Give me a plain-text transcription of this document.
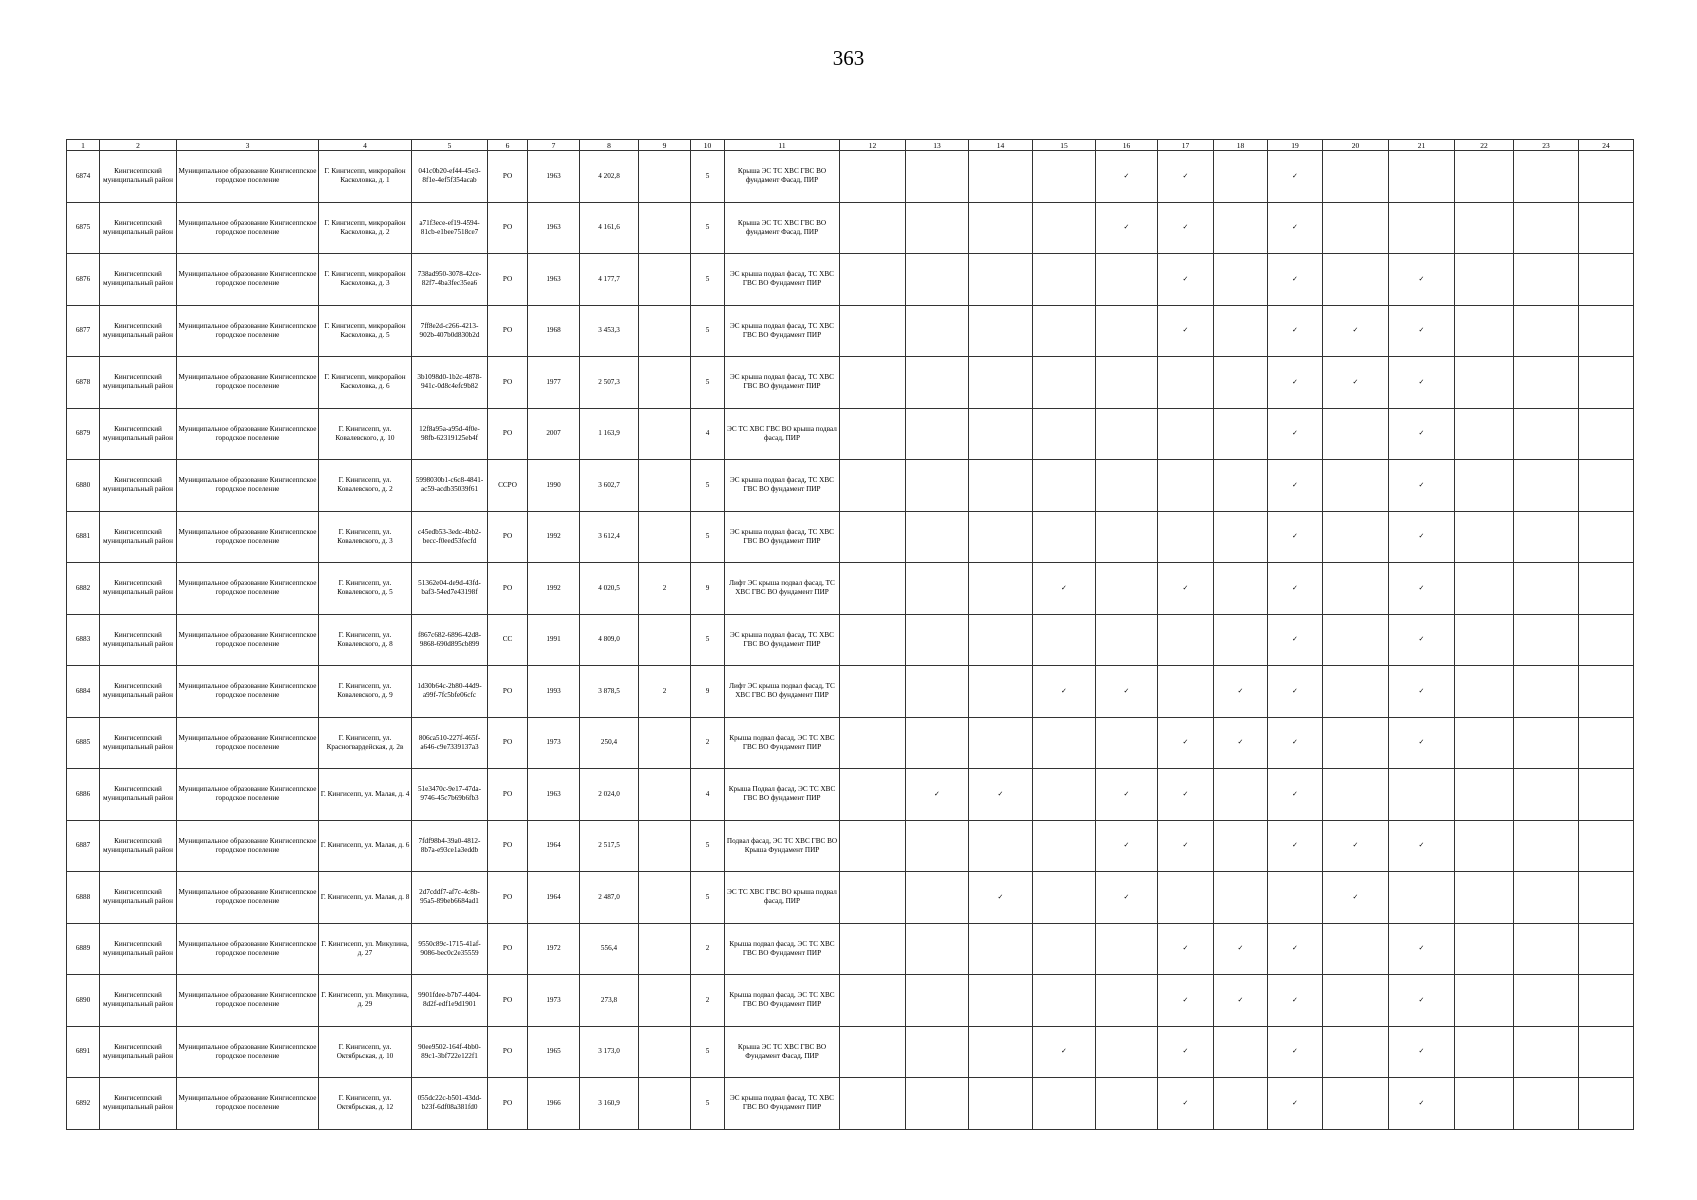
363
1	2	3	4	5	6	7	8	9	10	11	12	13	14	15	16	17	18	19	20	21	22	23	24
6874	Кингисеппский муниципальный район	Муниципальное образование Кингисеппское городское поселение	Г. Кингисепп, микрорайон Касколовка, д. 1	041c0b20-ef44-45e3-8f1e-4ef5f354acab	РО	1963	4 202,8		5	Крыша ЭС ТС ХВС ГВС ВО фундамент Фасад, ПИР					✓	✓		✓					
6875	Кингисеппский муниципальный район	Муниципальное образование Кингисеппское городское поселение	Г. Кингисепп, микрорайон Касколовка, д. 2	a71f3ece-ef19-4594-81cb-e1bee7518ce7	РО	1963	4 161,6		5	Крыша ЭС ТС ХВС ГВС ВО фундамент Фасад, ПИР					✓	✓		✓					
6876	Кингисеппский муниципальный район	Муниципальное образование Кингисеппское городское поселение	Г. Кингисепп, микрорайон Касколовка, д. 3	738ad950-3078-42ce-82f7-4ba3fec35ea6	РО	1963	4 177,7		5	ЭС крыша подвал фасад, ТС ХВС ГВС ВО Фундамент ПИР						✓		✓		✓			
6877	Кингисеппский муниципальный район	Муниципальное образование Кингисеппское городское поселение	Г. Кингисепп, микрорайон Касколовка, д. 5	7ff8e2d-c266-4213-902b-407b0d830b2d	РО	1968	3 453,3		5	ЭС крыша подвал фасад, ТС ХВС ГВС ВО Фундамент ПИР						✓		✓	✓	✓			
6878	Кингисеппский муниципальный район	Муниципальное образование Кингисеппское городское поселение	Г. Кингисепп, микрорайон Касколовка, д. 6	3b1098d0-1b2c-4878-941c-0d8c4efc9b82	РО	1977	2 507,3		5	ЭС крыша подвал фасад, ТС ХВС ГВС ВО фундамент ПИР								✓	✓	✓			
6879	Кингисеппский муниципальный район	Муниципальное образование Кингисеппское городское поселение	Г. Кингисепп, ул. Ковалевского, д. 10	12f8a95a-a95d-4f0e-98fb-62319125eb4f	РО	2007	1 163,9		4	ЭС ТС ХВС ГВС ВО крыша подвал фасад, ПИР								✓		✓			
6880	Кингисеппский муниципальный район	Муниципальное образование Кингисеппское городское поселение	Г. Кингисепп, ул. Ковалевского, д. 2	5998030b1-c6c8-4841-ac59-acdb35039f61	ССРО	1990	3 602,7		5	ЭС крыша подвал фасад, ТС ХВС ГВС ВО фундамент ПИР								✓		✓			
6881	Кингисеппский муниципальный район	Муниципальное образование Кингисеппское городское поселение	Г. Кингисепп, ул. Ковалевского, д. 3	c45edb53-3edc-4bb2-becc-f0eed53fecfd	РО	1992	3 612,4		5	ЭС крыша подвал фасад, ТС ХВС ГВС ВО фундамент ПИР								✓		✓			
6882	Кингисеппский муниципальный район	Муниципальное образование Кингисеппское городское поселение	Г. Кингисепп, ул. Ковалевского, д. 5	51362e04-de9d-43fd-baf3-54ed7e43198f	РО	1992	4 020,5	2	9	Лифт ЭС крыша подвал фасад, ТС ХВС ГВС ВО фундамент ПИР				✓		✓		✓		✓			
6883	Кингисеппский муниципальный район	Муниципальное образование Кингисеппское городское поселение	Г. Кингисепп, ул. Ковалевского, д. 8	f867c682-6896-42d8-9868-690d895cb899	СС	1991	4 809,0		5	ЭС крыша подвал фасад, ТС ХВС ГВС ВО фундамент ПИР								✓		✓			
6884	Кингисеппский муниципальный район	Муниципальное образование Кингисеппское городское поселение	Г. Кингисепп, ул. Ковалевского, д. 9	1d30b64c-2b80-44d9-a99f-7fc5bfe06cfc	РО	1993	3 878,5	2	9	Лифт ЭС крыша подвал фасад, ТС ХВС ГВС ВО фундамент ПИР				✓	✓		✓	✓		✓			
6885	Кингисеппский муниципальный район	Муниципальное образование Кингисеппское городское поселение	Г. Кингисепп, ул. Красногвардейская, д. 2в	806ca510-227f-465f-a646-c9e7339137a3	РО	1973	250,4		2	Крыша подвал фасад, ЭС ТС ХВС ГВС ВО Фундамент ПИР						✓	✓	✓		✓			
6886	Кингисеппский муниципальный район	Муниципальное образование Кингисеппское городское поселение	Г. Кингисепп, ул. Малая, д. 4	51e3470c-9e17-47da-9746-45c7b69b6fb3	РО	1963	2 024,0		4	Крыша Подвал фасад, ЭС ТС ХВС ГВС ВО фундамент ПИР		✓	✓		✓	✓		✓					
6887	Кингисеппский муниципальный район	Муниципальное образование Кингисеппское городское поселение	Г. Кингисепп, ул. Малая, д. 6	7fdf98b4-39a0-4812-8b7a-e93ce1a3eddb	РО	1964	2 517,5		5	Подвал фасад, ЭС ТС ХВС ГВС ВО Крыша Фундамент ПИР					✓	✓		✓	✓	✓			
6888	Кингисеппский муниципальный район	Муниципальное образование Кингисеппское городское поселение	Г. Кингисепп, ул. Малая, д. 8	2d7cddf7-af7c-4c8b-95a5-89beb6684ad1	РО	1964	2 487,0		5	ЭС ТС ХВС ГВС ВО крыша подвал фасад, ПИР			✓		✓				✓				
6889	Кингисеппский муниципальный район	Муниципальное образование Кингисеппское городское поселение	Г. Кингисепп, ул. Микулина, д. 27	9550c89c-1715-41af-9086-bec0c2e35559	РО	1972	556,4		2	Крыша подвал фасад, ЭС ТС ХВС ГВС ВО Фундамент ПИР						✓	✓	✓		✓			
6890	Кингисеппский муниципальный район	Муниципальное образование Кингисеппское городское поселение	Г. Кингисепп, ул. Микулина, д. 29	9901fdee-b7b7-4404-8d2f-edf1e9d1901	РО	1973	273,8		2	Крыша подвал фасад, ЭС ТС ХВС ГВС ВО Фундамент ПИР						✓	✓	✓		✓			
6891	Кингисеппский муниципальный район	Муниципальное образование Кингисеппское городское поселение	Г. Кингисепп, ул. Октябрьская, д. 10	90ee9502-164f-4bb0-89c1-3bf722e122f1	РО	1965	3 173,0		5	Крыша ЭС ТС ХВС ГВС ВО Фундамент Фасад, ПИР				✓		✓		✓		✓			
6892	Кингисеппский муниципальный район	Муниципальное образование Кингисеппское городское поселение	Г. Кингисепп, ул. Октябрьская, д. 12	055dc22c-b501-43dd-b23f-6df08a381fd0	РО	1966	3 160,9		5	ЭС крыша подвал фасад, ТС ХВС ГВС ВО Фундамент ПИР						✓		✓		✓			
